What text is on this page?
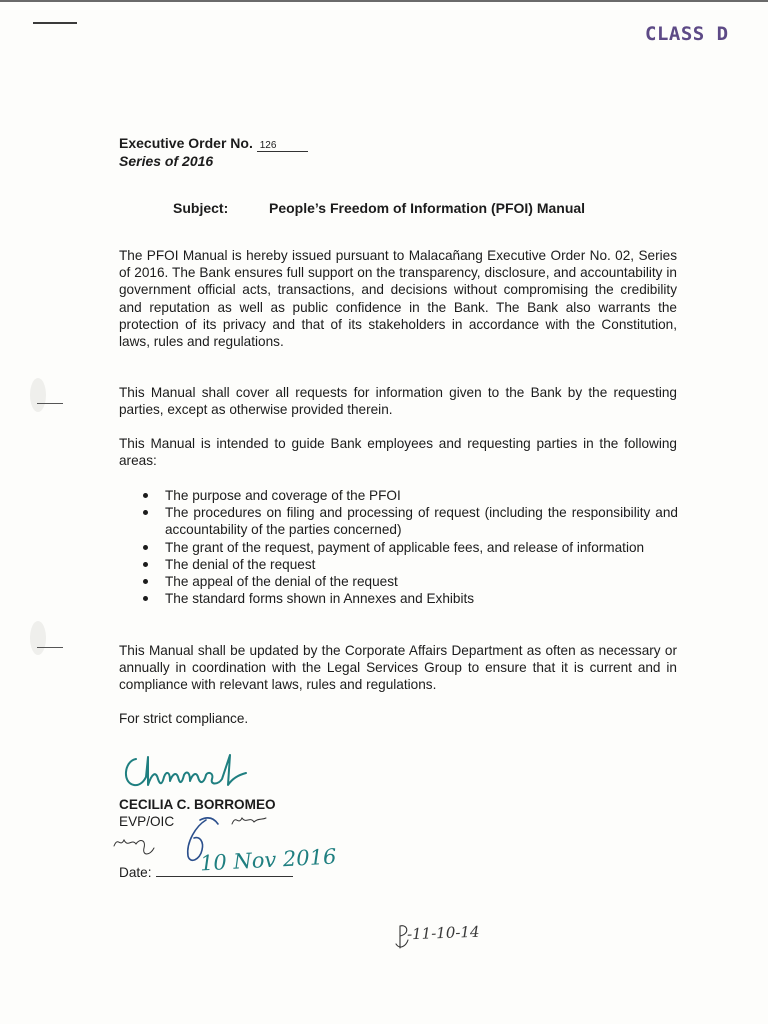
CLASS D
Executive Order No. 126
Series of 2016
Subject:	People’s Freedom of Information (PFOI) Manual

The PFOI Manual is hereby issued pursuant to Malacañang Executive Order No. 02, Series of 2016. The Bank ensures full support on the transparency, disclosure, and accountability in government official acts, transactions, and decisions without compromising the credibility and reputation as well as public confidence in the Bank. The Bank also warrants the protection of its privacy and that of its stakeholders in accordance with the Constitution, laws, rules and regulations.

This Manual shall cover all requests for information given to the Bank by the requesting parties, except as otherwise provided therein.

This Manual is intended to guide Bank employees and requesting parties in the following areas:

The purpose and coverage of the PFOI
The procedures on filing and processing of request (including the responsibility and accountability of the parties concerned)
The grant of the request, payment of applicable fees, and release of information
The denial of the request
The appeal of the denial of the request
The standard forms shown in Annexes and Exhibits

This Manual shall be updated by the Corporate Affairs Department as often as necessary or annually in coordination with the Legal Services Group to ensure that it is current and in compliance with relevant laws, rules and regulations.

For strict compliance.

CECILIA C. BORROMEO
EVP/OIC
Date:	10 Nov 2016
-11-10-14
